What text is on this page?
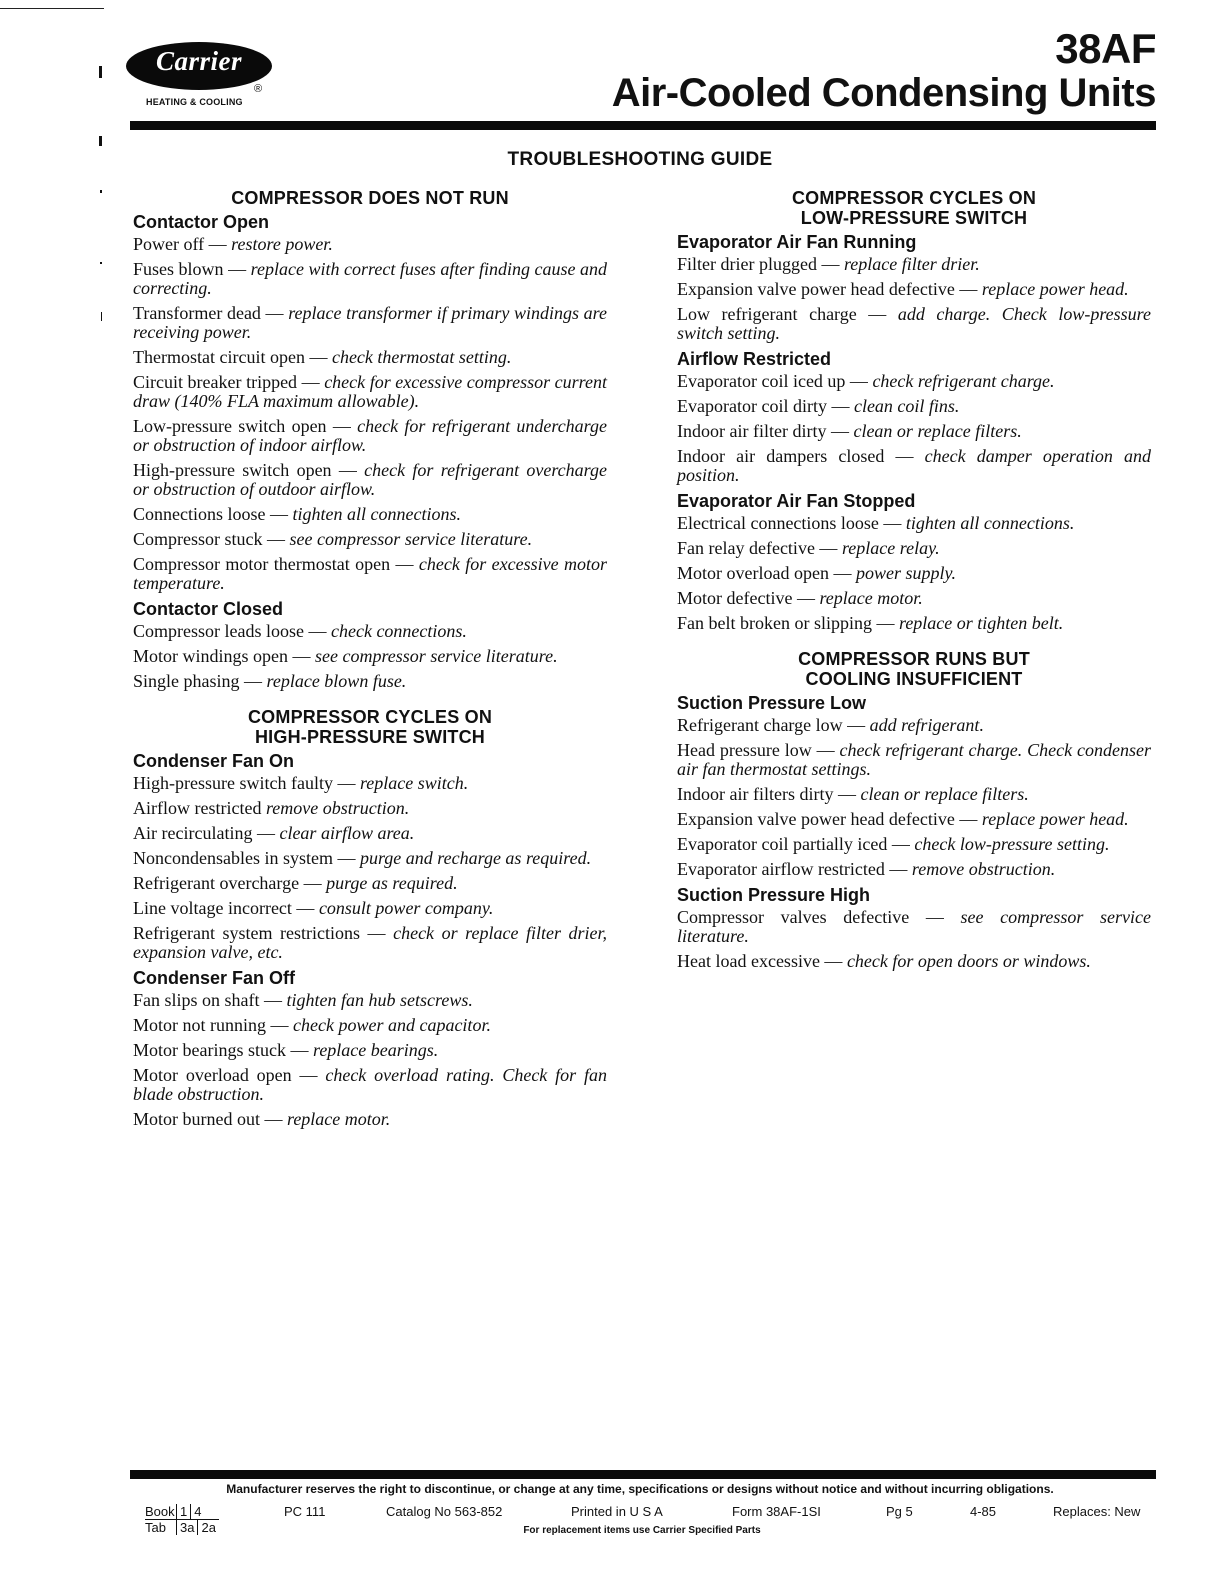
Carrier
®
HEATING & COOLING
38AF
Air-Cooled Condensing Units
TROUBLESHOOTING GUIDE
COMPRESSOR DOES NOT RUN
Contactor Open
Power off — restore power.
Fuses blown — replace with correct fuses after finding cause and correcting.
Transformer dead — replace transformer if primary windings are receiving power.
Thermostat circuit open — check thermostat setting.
Circuit breaker tripped — check for excessive compressor current draw (140% FLA maximum allowable).
Low-pressure switch open — check for refrigerant undercharge or obstruction of indoor airflow.
High-pressure switch open — check for refrigerant overcharge or obstruction of outdoor airflow.
Connections loose — tighten all connections.
Compressor stuck — see compressor service literature.
Compressor motor thermostat open — check for excessive motor temperature.
Contactor Closed
Compressor leads loose — check connections.
Motor windings open — see compressor service literature.
Single phasing — replace blown fuse.
COMPRESSOR CYCLES ON
HIGH-PRESSURE SWITCH
Condenser Fan On
High-pressure switch faulty — replace switch.
Airflow restricted remove obstruction.
Air recirculating — clear airflow area.
Noncondensables in system — purge and recharge as required.
Refrigerant overcharge — purge as required.
Line voltage incorrect — consult power company.
Refrigerant system restrictions — check or replace filter drier, expansion valve, etc.
Condenser Fan Off
Fan slips on shaft — tighten fan hub setscrews.
Motor not running — check power and capacitor.
Motor bearings stuck — replace bearings.
Motor overload open — check overload rating. Check for fan blade obstruction.
Motor burned out — replace motor.
COMPRESSOR CYCLES ON
LOW-PRESSURE SWITCH
Evaporator Air Fan Running
Filter drier plugged — replace filter drier.
Expansion valve power head defective — replace power head.
Low refrigerant charge — add charge. Check low-pressure switch setting.
Airflow Restricted
Evaporator coil iced up — check refrigerant charge.
Evaporator coil dirty — clean coil fins.
Indoor air filter dirty — clean or replace filters.
Indoor air dampers closed — check damper operation and position.
Evaporator Air Fan Stopped
Electrical connections loose — tighten all connections.
Fan relay defective — replace relay.
Motor overload open — power supply.
Motor defective — replace motor.
Fan belt broken or slipping — replace or tighten belt.
COMPRESSOR RUNS BUT
COOLING INSUFFICIENT
Suction Pressure Low
Refrigerant charge low — add refrigerant.
Head pressure low — check refrigerant charge. Check condenser air fan thermostat settings.
Indoor air filters dirty — clean or replace filters.
Expansion valve power head defective — replace power head.
Evaporator coil partially iced — check low-pressure setting.
Evaporator airflow restricted — remove obstruction.
Suction Pressure High
Compressor valves defective — see compressor service literature.
Heat load excessive — check for open doors or windows.
Manufacturer reserves the right to discontinue, or change at any time, specifications or designs without notice and without incurring obligations.
Book 1 4
Tab	3a 2a
PC 111	Catalog No 563-852	Printed in U S A	Form 38AF-1SI	Pg 5	4-85	Replaces: New
For replacement items use Carrier Specified Parts
